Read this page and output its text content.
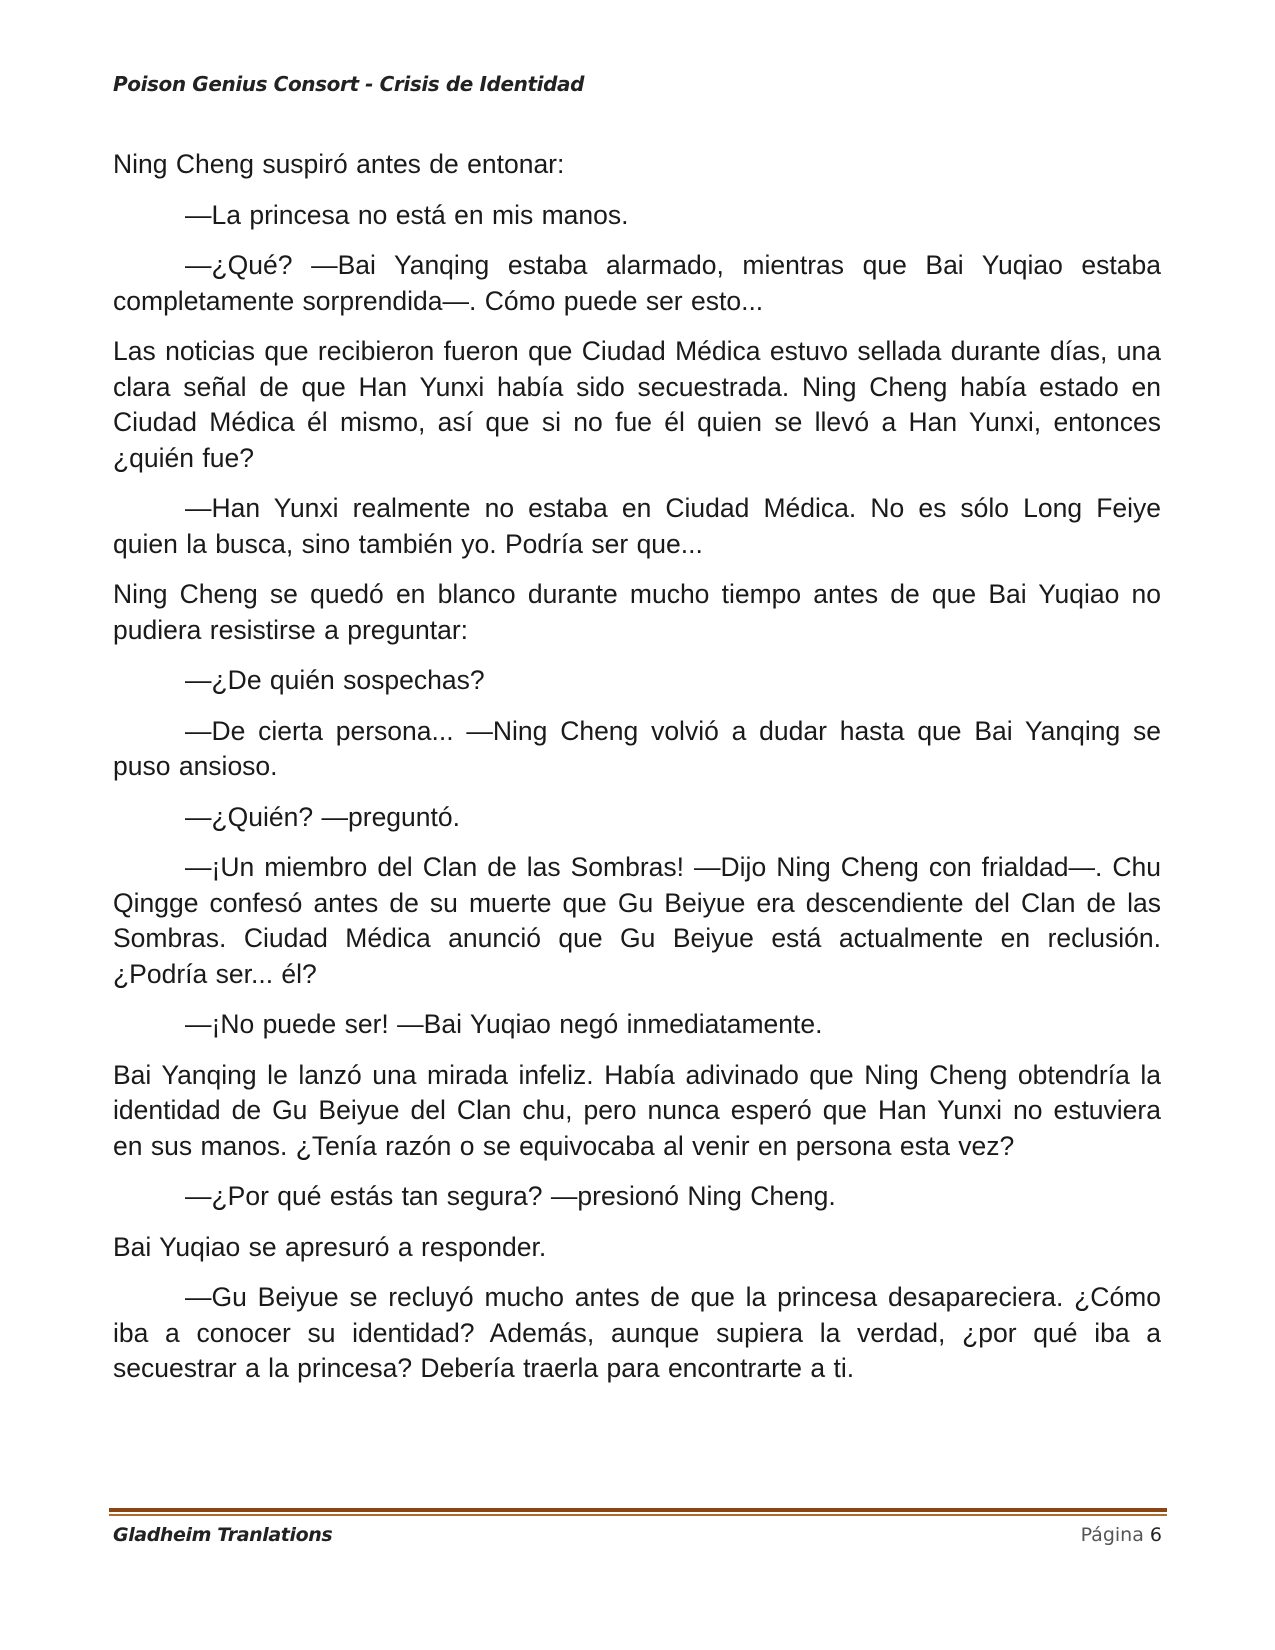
Poison Genius Consort - Crisis de Identidad

Ning Cheng suspiró antes de entonar:

—La princesa no está en mis manos.

—¿Qué? —Bai Yanqing estaba alarmado, mientras que Bai Yuqiao estaba completamente sorprendida—. Cómo puede ser esto...

Las noticias que recibieron fueron que Ciudad Médica estuvo sellada durante días, una clara señal de que Han Yunxi había sido secuestrada. Ning Cheng había estado en Ciudad Médica él mismo, así que si no fue él quien se llevó a Han Yunxi, entonces ¿quién fue?

—Han Yunxi realmente no estaba en Ciudad Médica. No es sólo Long Feiye quien la busca, sino también yo. Podría ser que...

Ning Cheng se quedó en blanco durante mucho tiempo antes de que Bai Yuqiao no pudiera resistirse a preguntar:

—¿De quién sospechas?

—De cierta persona... —Ning Cheng volvió a dudar hasta que Bai Yanqing se puso ansioso.

—¿Quién? —preguntó.

—¡Un miembro del Clan de las Sombras! —Dijo Ning Cheng con frialdad—. Chu Qingge confesó antes de su muerte que Gu Beiyue era descendiente del Clan de las Sombras. Ciudad Médica anunció que Gu Beiyue está actualmente en reclusión. ¿Podría ser... él?

—¡No puede ser! —Bai Yuqiao negó inmediatamente.

Bai Yanqing le lanzó una mirada infeliz. Había adivinado que Ning Cheng obtendría la identidad de Gu Beiyue del Clan chu, pero nunca esperó que Han Yunxi no estuviera en sus manos. ¿Tenía razón o se equivocaba al venir en persona esta vez?

—¿Por qué estás tan segura? —presionó Ning Cheng.

Bai Yuqiao se apresuró a responder.

—Gu Beiyue se recluyó mucho antes de que la princesa desapareciera. ¿Cómo iba a conocer su identidad? Además, aunque supiera la verdad, ¿por qué iba a secuestrar a la princesa? Debería traerla para encontrarte a ti.

Gladheim Tranlations	Página 6
